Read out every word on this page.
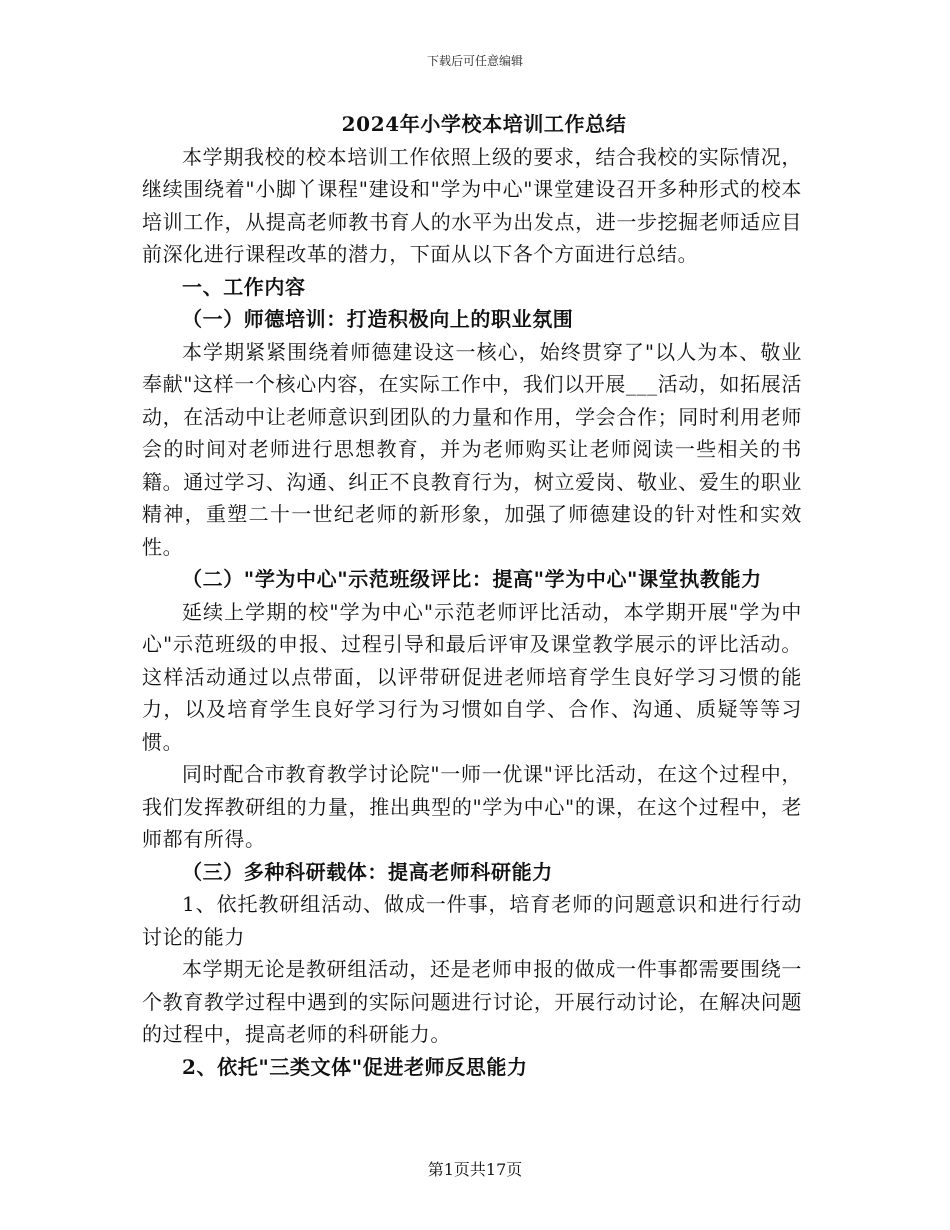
下载后可任意编辑

2024年小学校本培训工作总结

本学期我校的校本培训工作依照上级的要求，结合我校的实际情况，继续围绕着"小脚丫课程"建设和"学为中心"课堂建设召开多种形式的校本培训工作，从提高老师教书育人的水平为出发点，进一步挖掘老师适应目前深化进行课程改革的潜力，下面从以下各个方面进行总结。

一、工作内容

（一）师德培训：打造积极向上的职业氛围

本学期紧紧围绕着师德建设这一核心，始终贯穿了"以人为本、敬业奉献"这样一个核心内容，在实际工作中，我们以开展___活动，如拓展活动，在活动中让老师意识到团队的力量和作用，学会合作；同时利用老师会的时间对老师进行思想教育，并为老师购买让老师阅读一些相关的书籍。通过学习、沟通、纠正不良教育行为，树立爱岗、敬业、爱生的职业精神，重塑二十一世纪老师的新形象，加强了师德建设的针对性和实效性。

（二）"学为中心"示范班级评比：提高"学为中心"课堂执教能力

延续上学期的校"学为中心"示范老师评比活动，本学期开展"学为中心"示范班级的申报、过程引导和最后评审及课堂教学展示的评比活动。这样活动通过以点带面，以评带研促进老师培育学生良好学习习惯的能力，以及培育学生良好学习行为习惯如自学、合作、沟通、质疑等等习惯。

同时配合市教育教学讨论院"一师一优课"评比活动，在这个过程中，我们发挥教研组的力量，推出典型的"学为中心"的课，在这个过程中，老师都有所得。

（三）多种科研载体：提高老师科研能力

1、依托教研组活动、做成一件事，培育老师的问题意识和进行行动讨论的能力

本学期无论是教研组活动，还是老师申报的做成一件事都需要围绕一个教育教学过程中遇到的实际问题进行讨论，开展行动讨论，在解决问题的过程中，提高老师的科研能力。

2、依托"三类文体"促进老师反思能力

第1页共17页
